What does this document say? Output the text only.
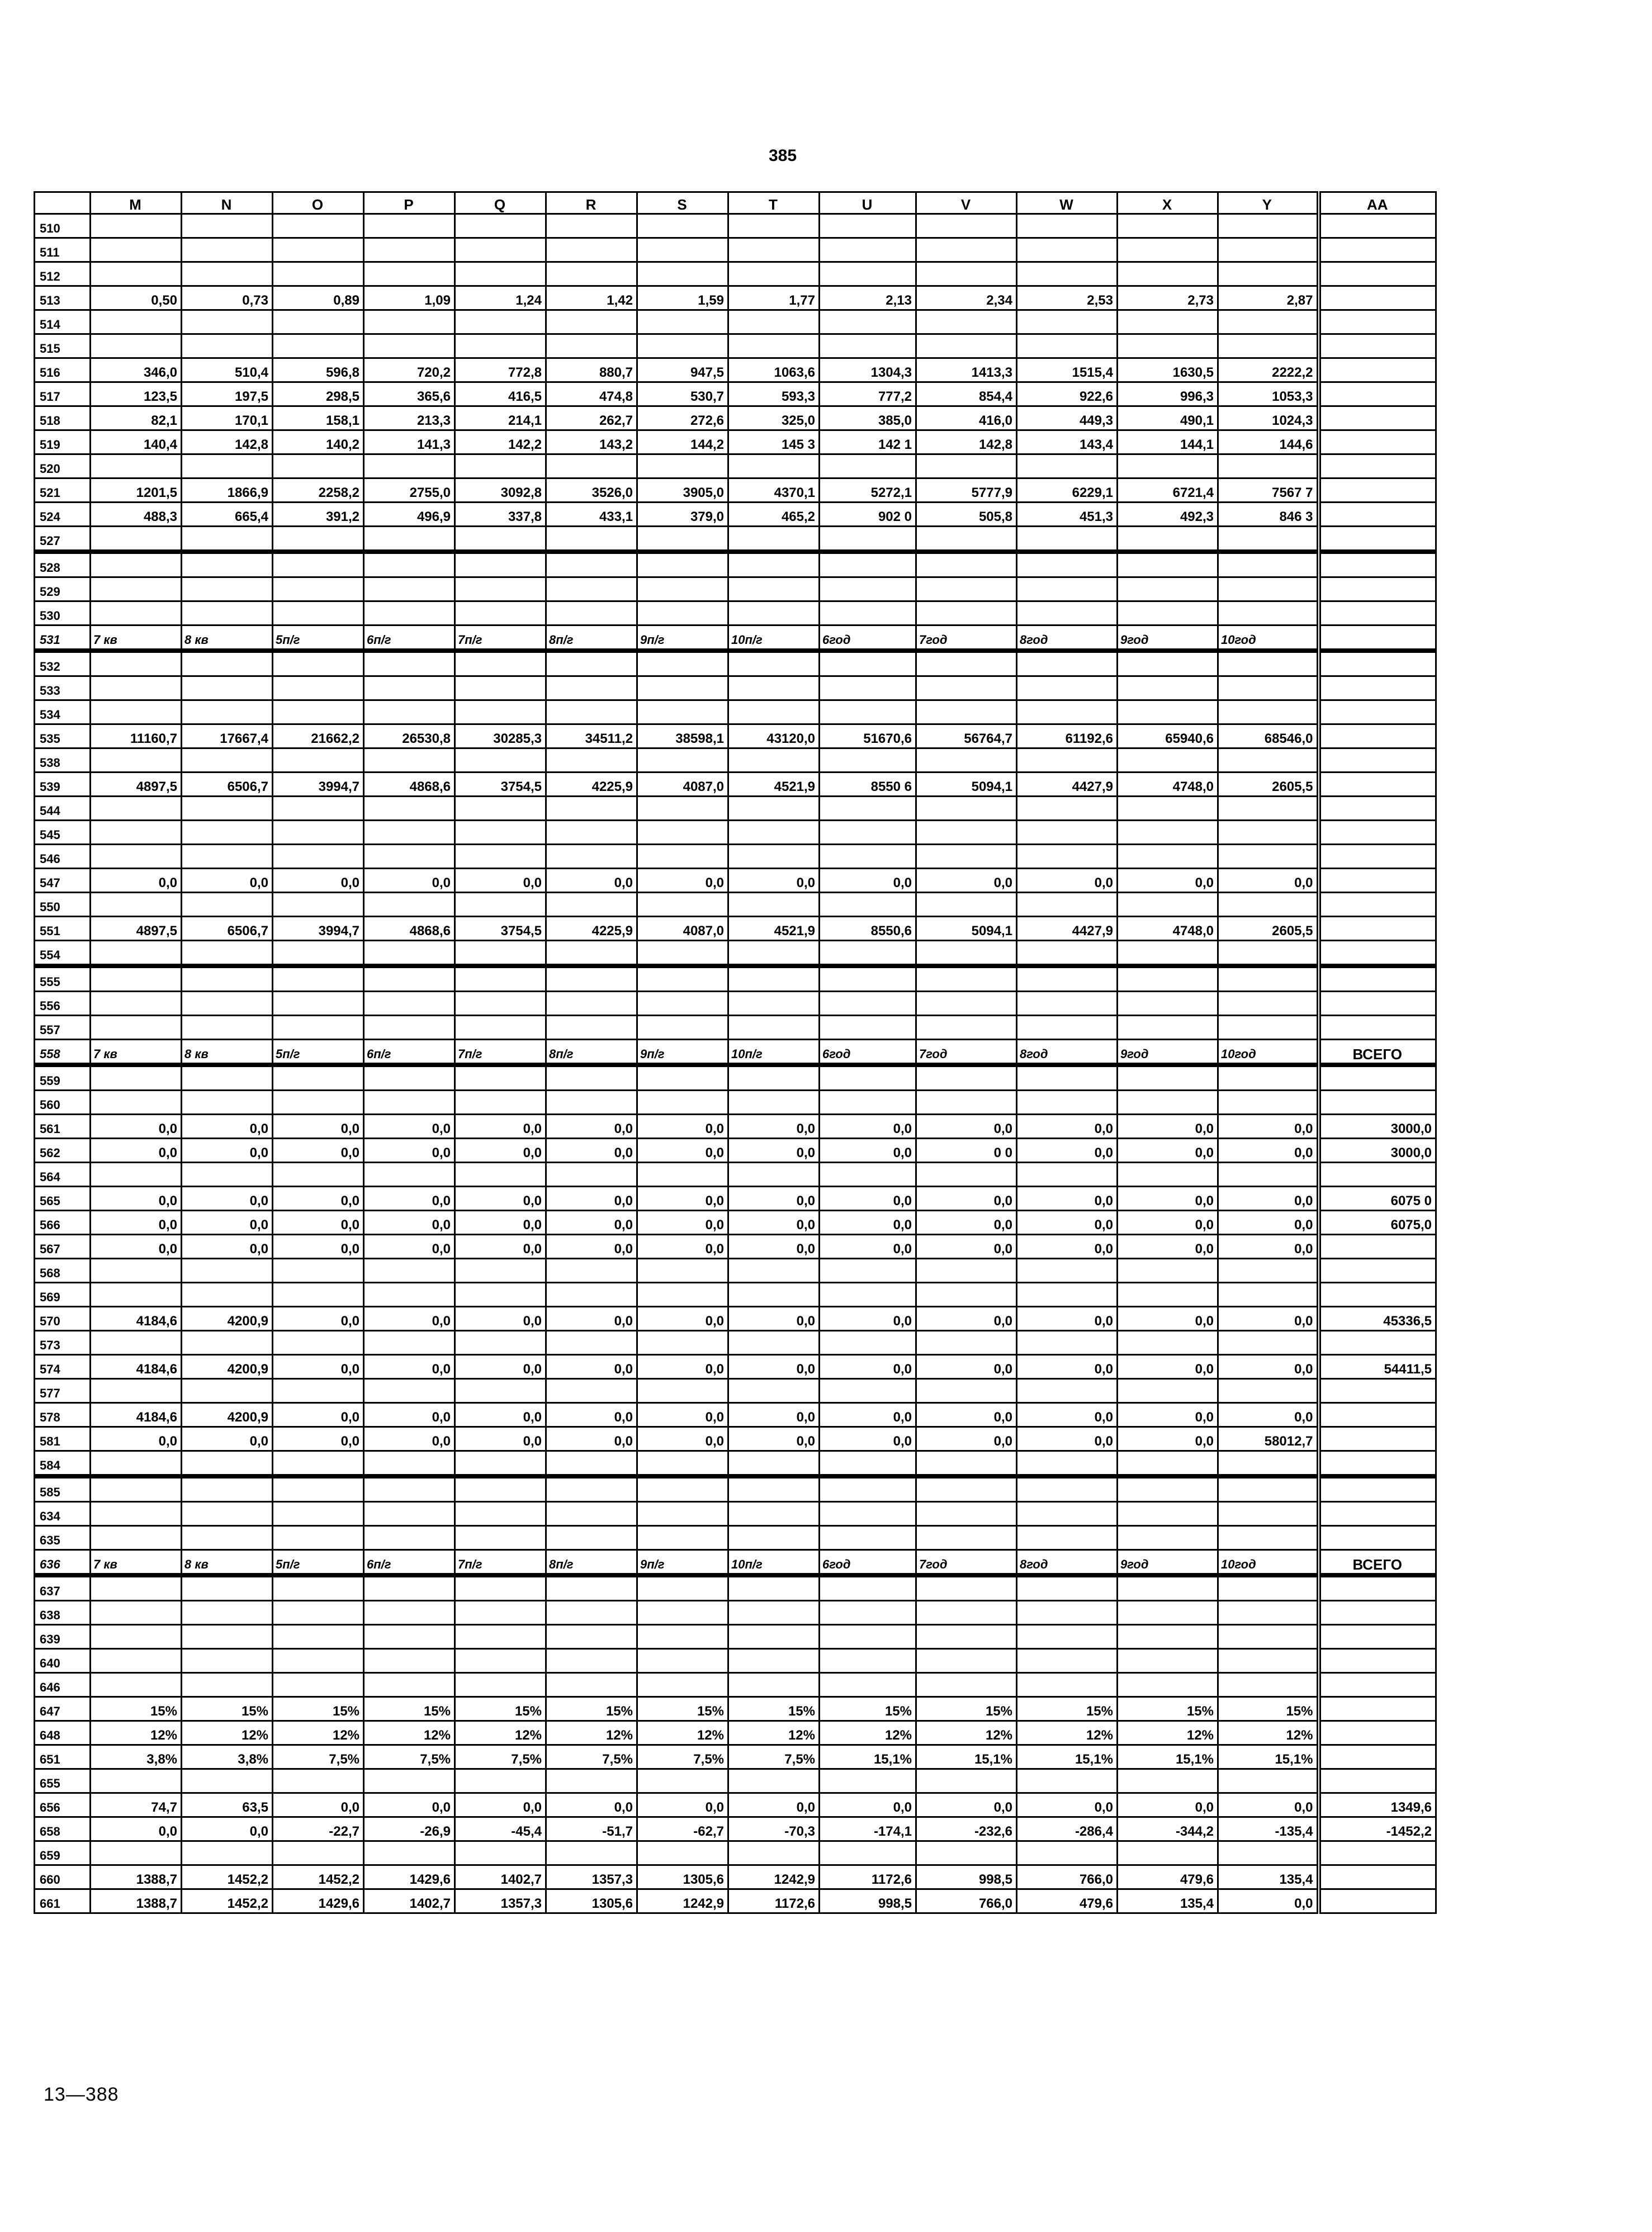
385
	M	N	O	P	Q	R	S	T	U	V	W	X	Y	AA
510														
511														
512														
513	0,50	0,73	0,89	1,09	1,24	1,42	1,59	1,77	2,13	2,34	2,53	2,73	2,87	
514														
515														
516	346,0	510,4	596,8	720,2	772,8	880,7	947,5	1063,6	1304,3	1413,3	1515,4	1630,5	2222,2	
517	123,5	197,5	298,5	365,6	416,5	474,8	530,7	593,3	777,2	854,4	922,6	996,3	1053,3	
518	82,1	170,1	158,1	213,3	214,1	262,7	272,6	325,0	385,0	416,0	449,3	490,1	1024,3	
519	140,4	142,8	140,2	141,3	142,2	143,2	144,2	145 3	142 1	142,8	143,4	144,1	144,6	
520														
521	1201,5	1866,9	2258,2	2755,0	3092,8	3526,0	3905,0	4370,1	5272,1	5777,9	6229,1	6721,4	7567 7	
524	488,3	665,4	391,2	496,9	337,8	433,1	379,0	465,2	902 0	505,8	451,3	492,3	846 3	
527														
528														
529														
530														
531	7 кв	8 кв	5п/г	6п/г	7п/г	8п/г	9п/г	10п/г	6год	7год	8год	9год	10год	
532														
533														
534														
535	11160,7	17667,4	21662,2	26530,8	30285,3	34511,2	38598,1	43120,0	51670,6	56764,7	61192,6	65940,6	68546,0	
538														
539	4897,5	6506,7	3994,7	4868,6	3754,5	4225,9	4087,0	4521,9	8550 6	5094,1	4427,9	4748,0	2605,5	
544														
545														
546														
547	0,0	0,0	0,0	0,0	0,0	0,0	0,0	0,0	0,0	0,0	0,0	0,0	0,0	
550														
551	4897,5	6506,7	3994,7	4868,6	3754,5	4225,9	4087,0	4521,9	8550,6	5094,1	4427,9	4748,0	2605,5	
554														
555														
556														
557														
558	7 кв	8 кв	5п/г	6п/г	7п/г	8п/г	9п/г	10п/г	6год	7год	8год	9год	10год	ВСЕГО
559														
560														
561	0,0	0,0	0,0	0,0	0,0	0,0	0,0	0,0	0,0	0,0	0,0	0,0	0,0	3000,0
562	0,0	0,0	0,0	0,0	0,0	0,0	0,0	0,0	0,0	0 0	0,0	0,0	0,0	3000,0
564														
565	0,0	0,0	0,0	0,0	0,0	0,0	0,0	0,0	0,0	0,0	0,0	0,0	0,0	6075 0
566	0,0	0,0	0,0	0,0	0,0	0,0	0,0	0,0	0,0	0,0	0,0	0,0	0,0	6075,0
567	0,0	0,0	0,0	0,0	0,0	0,0	0,0	0,0	0,0	0,0	0,0	0,0	0,0	
568														
569														
570	4184,6	4200,9	0,0	0,0	0,0	0,0	0,0	0,0	0,0	0,0	0,0	0,0	0,0	45336,5
573														
574	4184,6	4200,9	0,0	0,0	0,0	0,0	0,0	0,0	0,0	0,0	0,0	0,0	0,0	54411,5
577														
578	4184,6	4200,9	0,0	0,0	0,0	0,0	0,0	0,0	0,0	0,0	0,0	0,0	0,0	
581	0,0	0,0	0,0	0,0	0,0	0,0	0,0	0,0	0,0	0,0	0,0	0,0	58012,7	
584														
585														
634														
635														
636	7 кв	8 кв	5п/г	6п/г	7п/г	8п/г	9п/г	10п/г	6год	7год	8год	9год	10год	ВСЕГО
637														
638														
639														
640														
646														
647	15%	15%	15%	15%	15%	15%	15%	15%	15%	15%	15%	15%	15%	
648	12%	12%	12%	12%	12%	12%	12%	12%	12%	12%	12%	12%	12%	
651	3,8%	3,8%	7,5%	7,5%	7,5%	7,5%	7,5%	7,5%	15,1%	15,1%	15,1%	15,1%	15,1%	
655														
656	74,7	63,5	0,0	0,0	0,0	0,0	0,0	0,0	0,0	0,0	0,0	0,0	0,0	1349,6
658	0,0	0,0	-22,7	-26,9	-45,4	-51,7	-62,7	-70,3	-174,1	-232,6	-286,4	-344,2	-135,4	-1452,2
659														
660	1388,7	1452,2	1452,2	1429,6	1402,7	1357,3	1305,6	1242,9	1172,6	998,5	766,0	479,6	135,4	
661	1388,7	1452,2	1429,6	1402,7	1357,3	1305,6	1242,9	1172,6	998,5	766,0	479,6	135,4	0,0	
13—388
